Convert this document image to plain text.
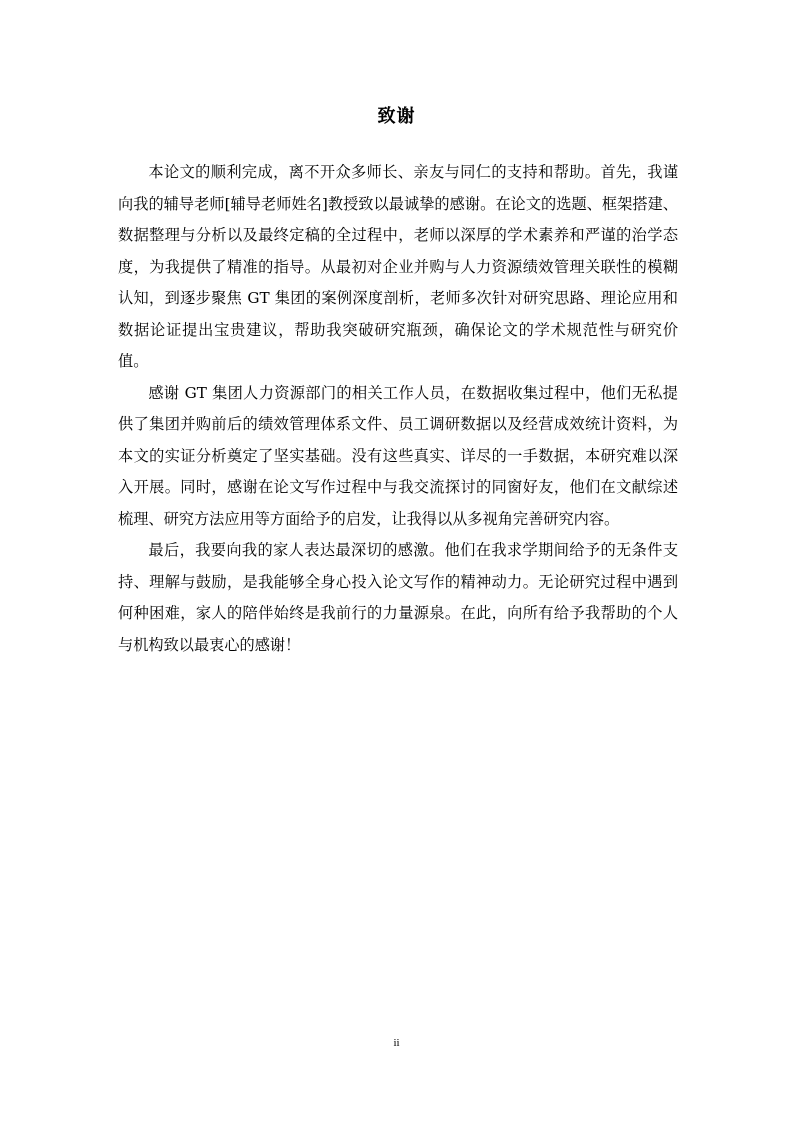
致谢

本论文的顺利完成，离不开众多师长、亲友与同仁的支持和帮助。首先，我谨向我的辅导老师[辅导老师姓名]教授致以最诚挚的感谢。在论文的选题、框架搭建、数据整理与分析以及最终定稿的全过程中，老师以深厚的学术素养和严谨的治学态度，为我提供了精准的指导。从最初对企业并购与人力资源绩效管理关联性的模糊认知，到逐步聚焦 GT 集团的案例深度剖析，老师多次针对研究思路、理论应用和数据论证提出宝贵建议，帮助我突破研究瓶颈，确保论文的学术规范性与研究价值。

感谢 GT 集团人力资源部门的相关工作人员，在数据收集过程中，他们无私提供了集团并购前后的绩效管理体系文件、员工调研数据以及经营成效统计资料，为本文的实证分析奠定了坚实基础。没有这些真实、详尽的一手数据，本研究难以深入开展。同时，感谢在论文写作过程中与我交流探讨的同窗好友，他们在文献综述梳理、研究方法应用等方面给予的启发，让我得以从多视角完善研究内容。

最后，我要向我的家人表达最深切的感激。他们在我求学期间给予的无条件支持、理解与鼓励，是我能够全身心投入论文写作的精神动力。无论研究过程中遇到何种困难，家人的陪伴始终是我前行的力量源泉。在此，向所有给予我帮助的个人与机构致以最衷心的感谢！

ii
